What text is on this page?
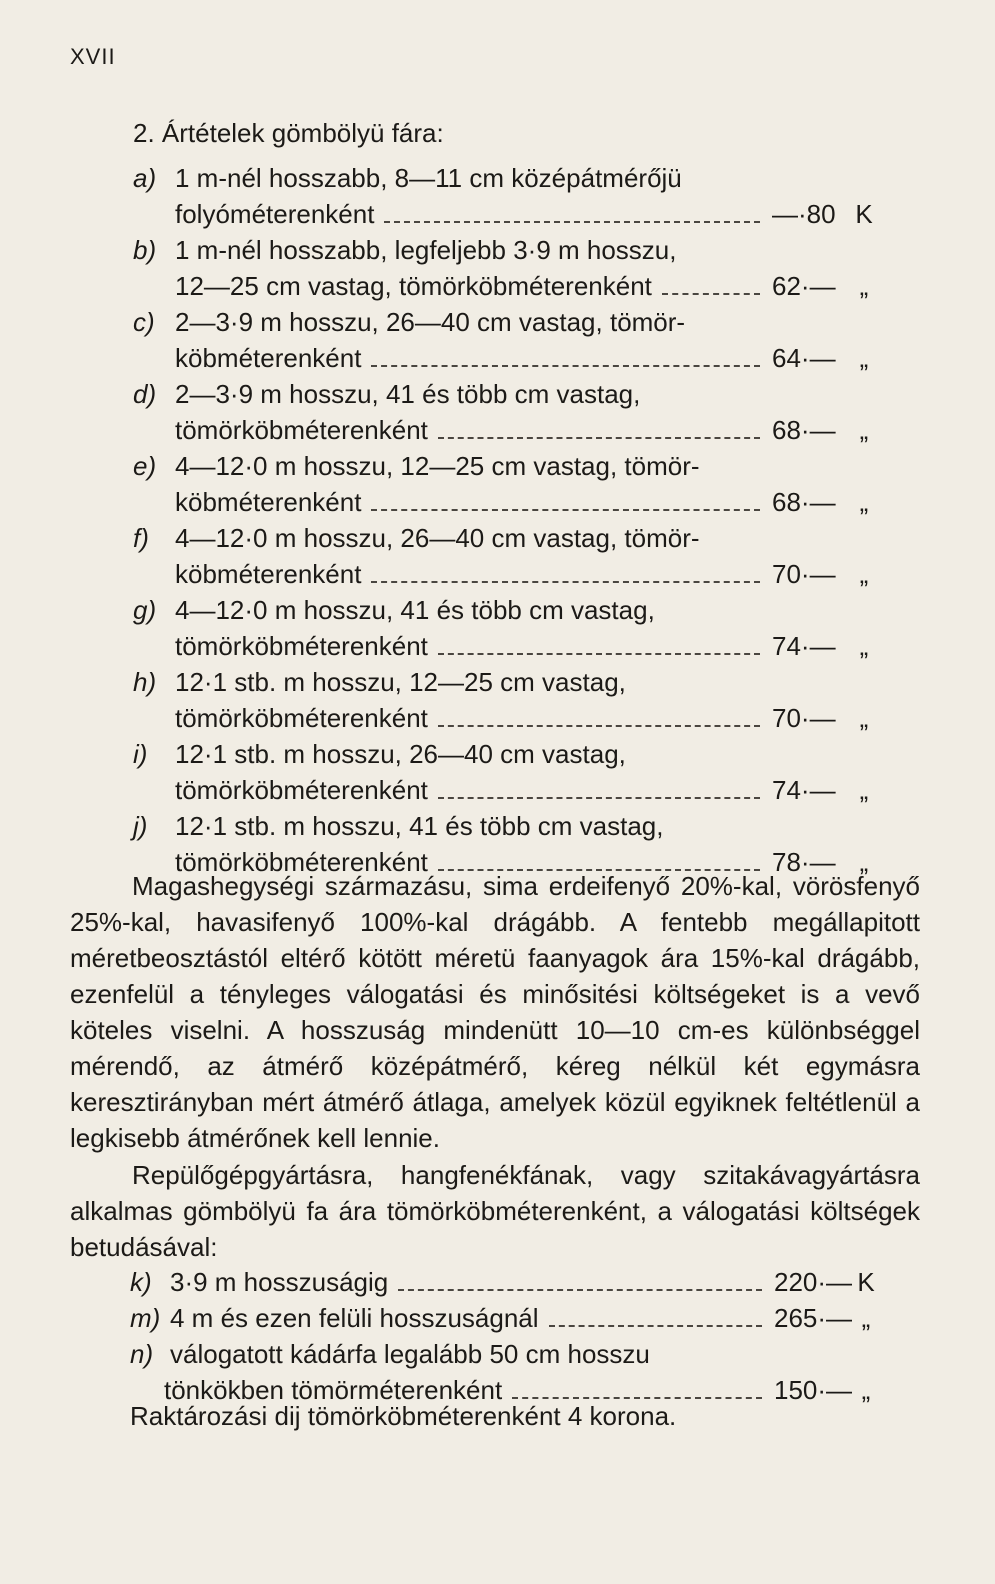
XVII
2. Ártételek gömbölyü fára:
a) 1 m-nél hosszabb, 8—11 cm középátmérőjü
folyóméterenként	—·80 K
b) 1 m-nél hosszabb, legfeljebb 3·9 m hosszu,
12—25 cm vastag, tömörköbméterenként	62·— „
c) 2—3·9 m hosszu, 26—40 cm vastag, tömör-
köbméterenként	64·— „
d) 2—3·9 m hosszu, 41 és több cm vastag,
tömörköbméterenként	68·— „
e) 4—12·0 m hosszu, 12—25 cm vastag, tömör-
köbméterenként	68·— „
f) 4—12·0 m hosszu, 26—40 cm vastag, tömör-
köbméterenként	70·— „
g) 4—12·0 m hosszu, 41 és több cm vastag,
tömörköbméterenként	74·— „
h) 12·1 stb. m hosszu, 12—25 cm vastag,
tömörköbméterenként	70·— „
i) 12·1 stb. m hosszu, 26—40 cm vastag,
tömörköbméterenként	74·— „
j) 12·1 stb. m hosszu, 41 és több cm vastag,
tömörköbméterenként	78·— „

Magashegységi származásu, sima erdeifenyő 20%-kal, vörösfenyő 25%-kal, havasifenyő 100%-kal drágább. A fentebb megállapitott méretbeosztástól eltérő kötött méretü faanyagok ára 15%-kal drágább, ezenfelül a tényleges válogatási és minősitési költségeket is a vevő köteles viselni. A hosszuság mindenütt 10—10 cm-es különbséggel mérendő, az átmérő középátmérő, kéreg nélkül két egymásra keresztirányban mért átmérő átlaga, amelyek közül egyiknek feltétlenül a legkisebb átmérőnek kell lennie.

Repülőgépgyártásra, hangfenékfának, vagy szitakávagyártásra alkalmas gömbölyü fa ára tömörköbméterenként, a válogatási költségek betudásával:

k) 3·9 m hosszuságig	220·— K
m) 4 m és ezen felüli hosszuságnál	265·— „
n) válogatott kádárfa legalább 50 cm hosszu
tönkökben tömörméterenként	150·— „
Raktározási dij tömörköbméterenként 4 korona.
